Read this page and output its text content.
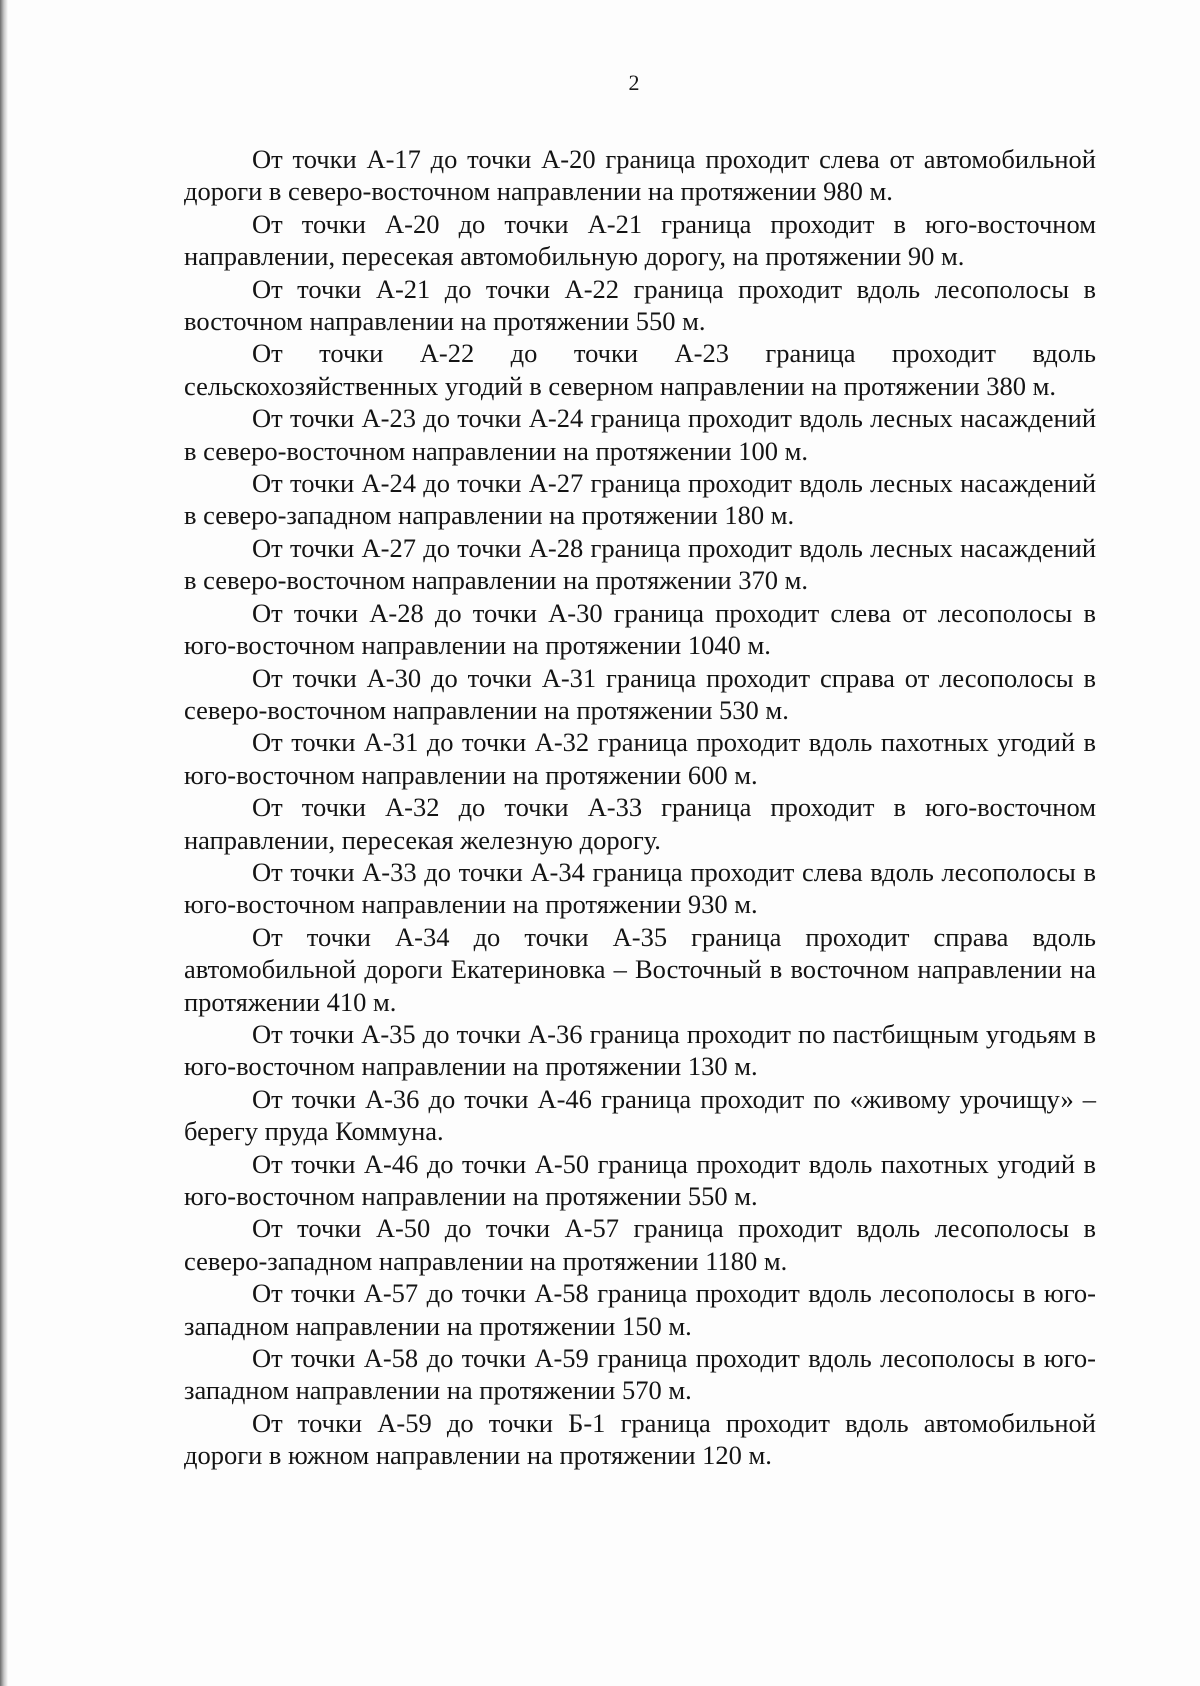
2

От точки А-17 до точки А-20 граница проходит слева от автомобильной дороги в северо-восточном направлении на протяжении 980 м.

От точки А-20 до точки А-21 граница проходит в юго-восточном направлении, пересекая автомобильную дорогу, на протяжении 90 м.

От точки А-21 до точки А-22 граница проходит вдоль лесополосы в восточном направлении на протяжении 550 м.

От точки А-22 до точки А-23 граница проходит вдоль сельскохозяйственных угодий в северном направлении на протяжении 380 м.

От точки А-23 до точки А-24 граница проходит вдоль лесных насаждений в северо-восточном направлении на протяжении 100 м.

От точки А-24 до точки А-27 граница проходит вдоль лесных насаждений в северо-западном направлении на протяжении 180 м.

От точки А-27 до точки А-28 граница проходит вдоль лесных насаждений в северо-восточном направлении на протяжении 370 м.

От точки А-28 до точки А-30 граница проходит слева от лесополосы в юго-восточном направлении на протяжении 1040 м.

От точки А-30 до точки А-31 граница проходит справа от лесополосы в северо-восточном направлении на протяжении 530 м.

От точки А-31 до точки А-32 граница проходит вдоль пахотных угодий в юго-восточном направлении на протяжении 600 м.

От точки А-32 до точки А-33 граница проходит в юго-восточном направлении, пересекая железную дорогу.

От точки А-33 до точки А-34 граница проходит слева вдоль лесополосы в юго-восточном направлении на протяжении 930 м.

От точки А-34 до точки А-35 граница проходит справа вдоль автомобильной дороги Екатериновка – Восточный в восточном направлении на протяжении 410 м.

От точки А-35 до точки А-36 граница проходит по пастбищным угодьям в юго-восточном направлении на протяжении 130 м.

От точки А-36 до точки А-46 граница проходит по «живому урочищу» – берегу пруда Коммуна.

От точки А-46 до точки А-50 граница проходит вдоль пахотных угодий в юго-восточном направлении на протяжении 550 м.

От точки А-50 до точки А-57 граница проходит вдоль лесополосы в северо-западном направлении на протяжении 1180 м.

От точки А-57 до точки А-58 граница проходит вдоль лесополосы в юго-западном направлении на протяжении 150 м.

От точки А-58 до точки А-59 граница проходит вдоль лесополосы в юго-западном направлении на протяжении 570 м.

От точки А-59 до точки Б-1 граница проходит вдоль автомобильной дороги в южном направлении на протяжении 120 м.
